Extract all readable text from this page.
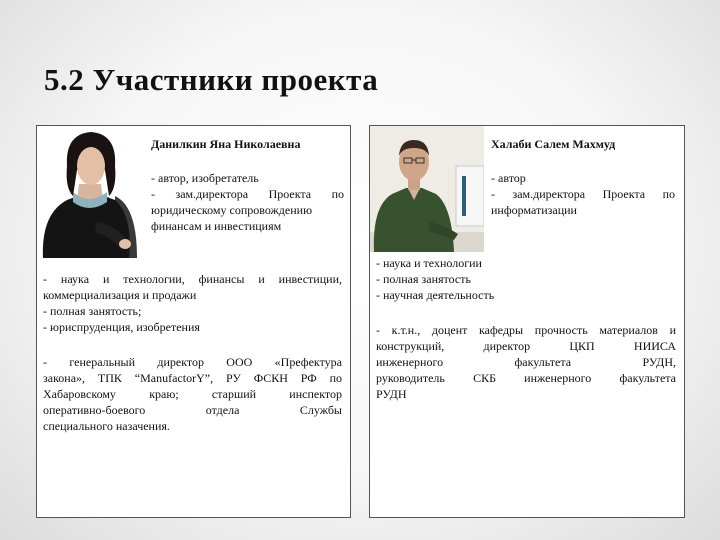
5.2 Участники проекта
Данилкин Яна Николаевна
- автор, изобретатель
- зам.директора Проекта по
юридическому сопровождению
финансам и инвестициям
- наука и технологии, финансы и инвестиции,
коммерциализация и продажи
- полная занятость;
- юриспруденция, изобретения
- генеральный директор ООО «Префектура
закона», ТПК “ManufactorY”, РУ ФСКН РФ по
Хабаровскому краю; старший инспектор
оперативно-боевого отдела Службы
специального назачения.
Халаби Салем Махмуд
- автор
- зам.директора Проекта по
информатизации
- наука и технологии
- полная занятость
- научная деятельность
- к.т.н., доцент кафедры прочность материалов и
конструкций, директор ЦКП НИИСА
инженерного факультета РУДН,
руководитель СКБ инженерного факультета
РУДН
